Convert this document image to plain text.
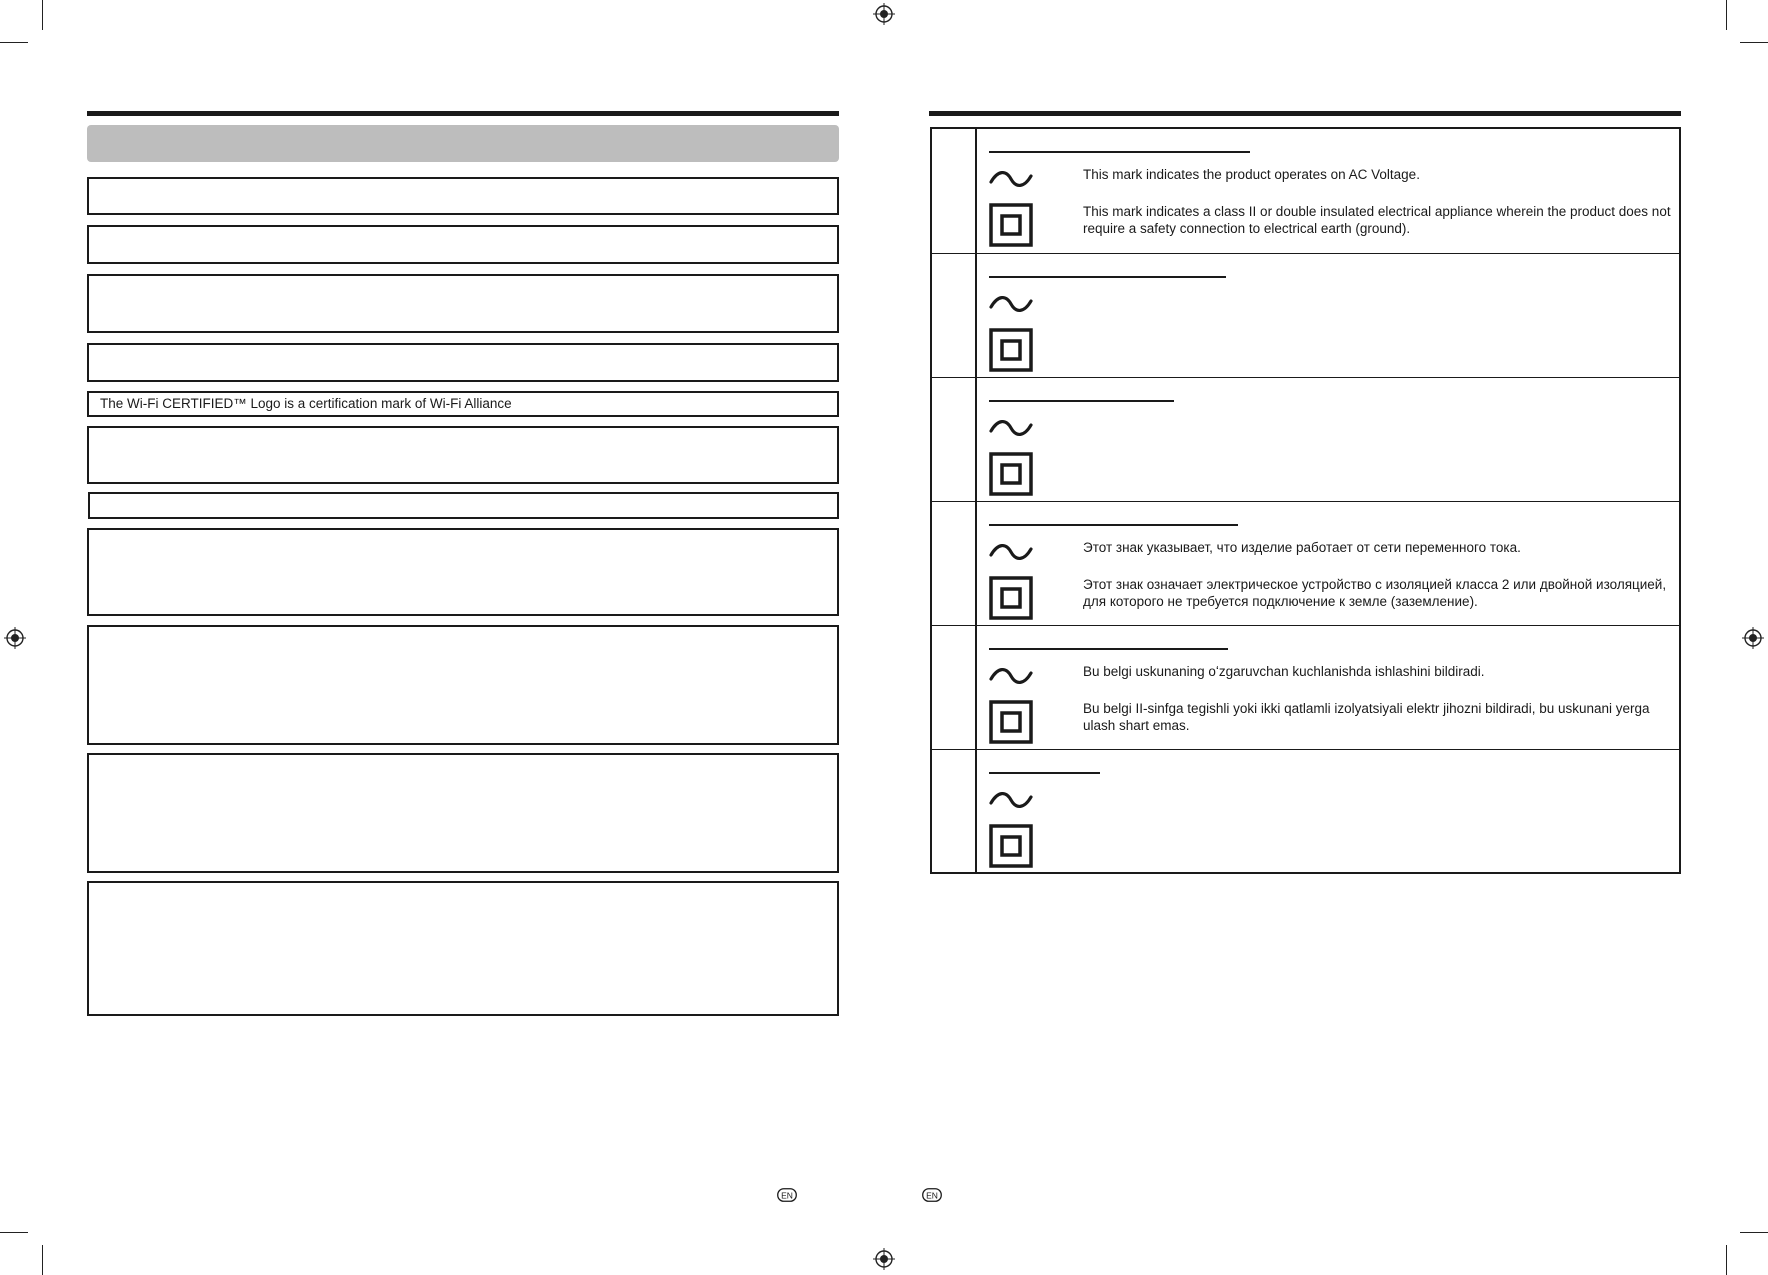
The Wi-Fi CERTIFIED™ Logo is a certification mark of Wi-Fi Alliance
This mark indicates the product operates on AC Voltage.
This mark indicates a class II or double insulated electrical appliance wherein the product does not require a safety connection to electrical earth (ground).
Этот знак указывает, что изделие работает от сети переменного тока.
Этот знак означает электрическое устройство с изоляцией класса 2 или двойной изоляцией, для которого не требуется подключение к земле (заземление).
Bu belgi uskunaning oʻzgaruvchan kuchlanishda ishlashini bildiradi.
Bu belgi II-sinfga tegishli yoki ikki qatlamli izolyatsiyali elektr jihozni bildiradi, bu uskunani yerga ulash shart emas.
EN	EN
